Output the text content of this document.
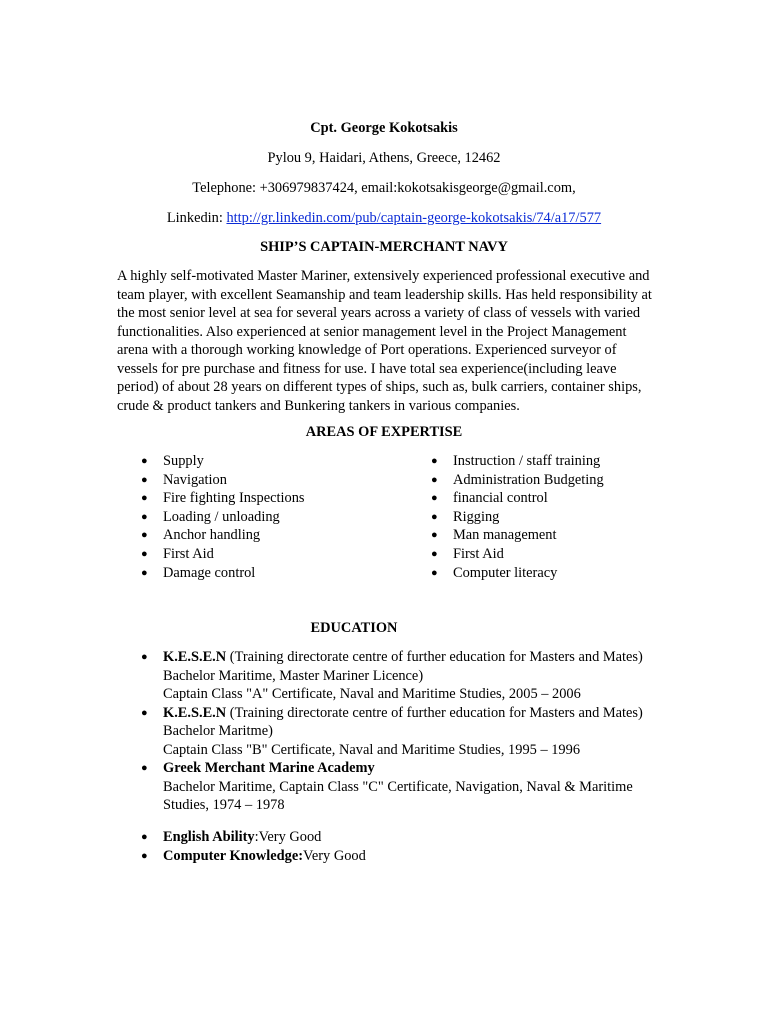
Cpt. George Kokotsakis
Pylou 9, Haidari, Athens, Greece, 12462
Telephone: +306979837424, email:kokotsakisgeorge@gmail.com,
Linkedin: http://gr.linkedin.com/pub/captain-george-kokotsakis/74/a17/577
SHIP’S CAPTAIN-MERCHANT NAVY

A highly self-motivated Master Mariner, extensively experienced professional executive and team player, with excellent Seamanship and team leadership skills. Has held responsibility at the most senior level at sea for several years across a variety of class of vessels with varied functionalities. Also experienced at senior management level in the Project Management arena with a thorough working knowledge of Port operations. Experienced surveyor of vessels for pre purchase and fitness for use. I have total sea experience(including leave period) of about 28 years on different types of ships, such as, bulk carriers, container ships, crude & product tankers and Bunkering tankers in various companies.

AREAS OF EXPERTISE
● Supply
● Navigation
● Fire fighting Inspections
● Loading / unloading
● Anchor handling
● First Aid
● Damage control
● Instruction / staff training
● Administration Budgeting
● financial control
● Rigging
● Man management
● First Aid
● Computer literacy
EDUCATION
● K.E.S.E.N (Training directorate centre of further education for Masters and Mates)
Bachelor Maritime, Master Mariner Licence)
Captain Class "A" Certificate, Naval and Maritime Studies, 2005 – 2006
● K.E.S.E.N (Training directorate centre of further education for Masters and Mates)
Bachelor Maritme)
Captain Class "B" Certificate, Naval and Maritime Studies, 1995 – 1996
● Greek Merchant Marine Academy
Bachelor Maritime, Captain Class "C" Certificate, Navigation, Naval & Maritime
Studies, 1974 – 1978
● English Ability:Very Good
● Computer Knowledge:Very Good
